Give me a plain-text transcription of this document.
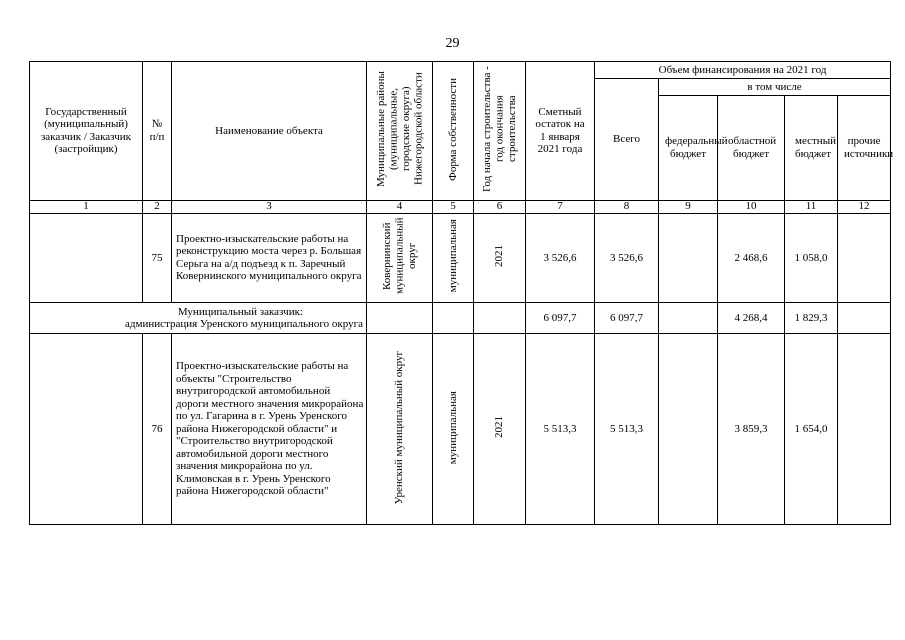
29
Государственный (муниципальный) заказчик / Заказчик (застройщик)	№ п/п	Наименование объекта	Муниципальные районы (муниципальные, городские округа) Нижегородской области	Форма собственности	Год начала строительства - год окончания строительства	Сметный остаток на 1 января 2021 года	Объем финансирования на 2021 год				
							Всего	в том числе			
								федеральный бюджет	областной бюджет	местный бюджет	прочие источники
1	2	3	4	5	6	7	8	9	10	11	12
	75	Проектно-изыскательские работы на реконструкцию моста через р. Большая Серьга на а/д подъезд к п. Заречный Ковернинского муниципального округа	Ковернинский муниципальный округ	муниципальная	2021	3 526,6	3 526,6		2 468,6	1 058,0	

Муниципальный заказчик:
администрация Уренского муниципального округа						6 097,7	6 097,7		4 268,4	1 829,3	
	76	Проектно-изыскательские работы на объекты "Строительство внутригородской автомобильной дороги местного значения микрорайона по ул. Гагарина в г. Урень Уренского района Нижегородской области" и "Строительство внутригородской автомобильной дороги местного значения микрорайона по ул. Климовская в г. Урень Уренского района Нижегородской области"	Уренский муниципальный округ	муниципальная	2021	5 513,3	5 513,3		3 859,3	1 654,0	
